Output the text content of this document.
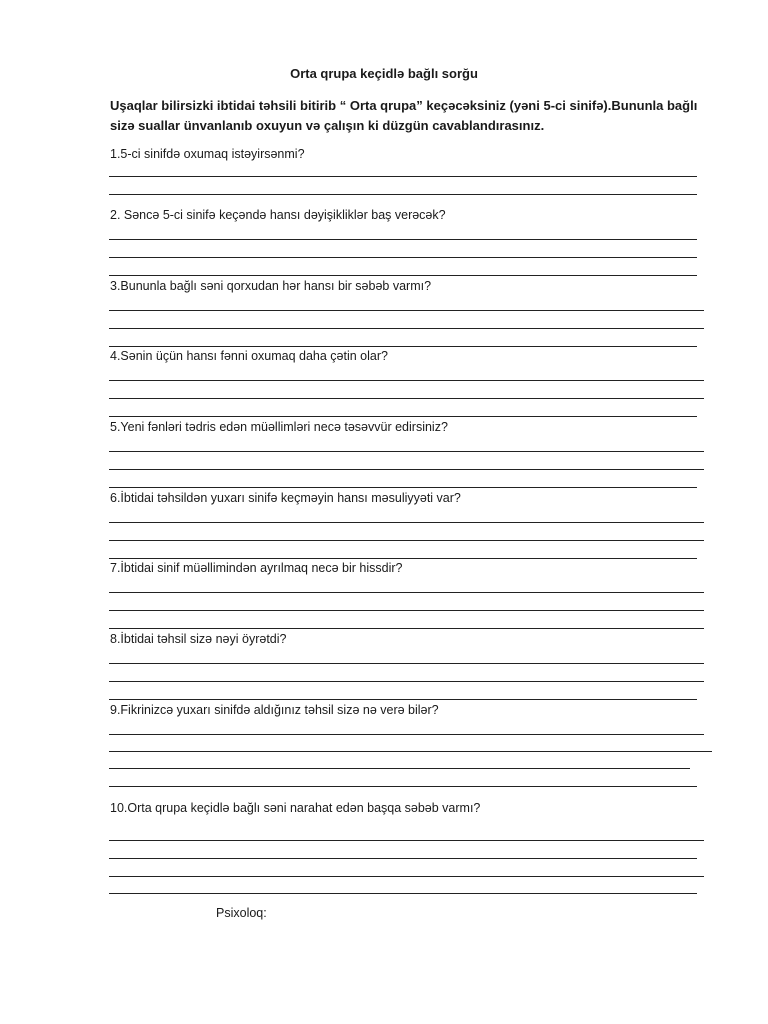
Orta qrupa keçidlə bağlı sorğu
Uşaqlar bilirsizki ibtidai təhsili bitirib “ Orta qrupa” keçəcəksiniz (yəni 5-ci sinifə).Bununla bağlı sizə suallar ünvanlanıb oxuyun və çalışın ki düzgün cavablandırasınız.
1.5-ci sinifdə oxumaq istəyirsənmi?
2. Səncə 5-ci sinifə keçəndə hansı dəyişikliklər baş verəcək?
3.Bununla bağlı səni qorxudan hər hansı bir səbəb varmı?
4.Sənin üçün hansı fənni oxumaq daha çətin olar?
5.Yeni fənləri tədris edən müəllimləri necə təsəvvür edirsiniz?
6.İbtidai təhsildən yuxarı sinifə keçməyin hansı məsuliyyəti var?
7.İbtidai sinif müəllimindən ayrılmaq necə bir hissdir?
8.İbtidai təhsil sizə nəyi öyrətdi?
9.Fikrinizcə yuxarı sinifdə aldığınız təhsil sizə nə verə bilər?
10.Orta qrupa keçidlə bağlı səni narahat edən başqa səbəb varmı?
Psixoloq:
